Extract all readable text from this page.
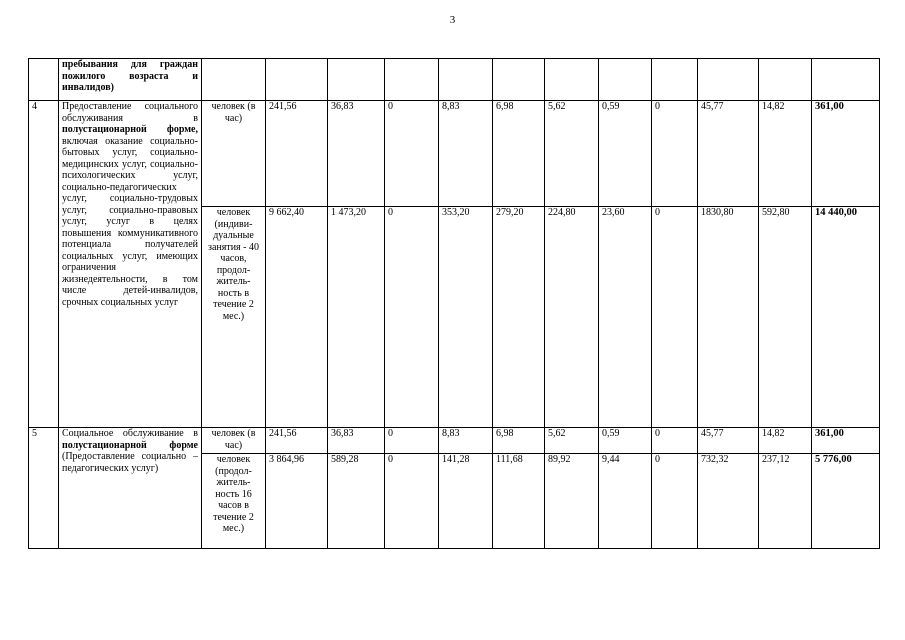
3
	пребывания для граждан пожилого возраста и инвалидов)												
4	Предоставление социального обслуживания в полустационарной форме, включая оказание социально-бытовых услуг, социально-медицинских услуг, социально-психологических услуг, социально-педагогических услуг, социально-трудовых услуг, социально-правовых услуг, услуг в целях повышения коммуникативного потенциала получателей социальных услуг, имеющих ограничения жизнедеятельности, в том числе детей-инвалидов, срочных социальных услуг	человек (в час)	241,56	36,83	0	8,83	6,98	5,62	0,59	0	45,77	14,82	361,00
		человек (индиви-дуальные занятия - 40 часов, продол-житель-ность в течение 2 мес.)	9 662,40	1 473,20	0	353,20	279,20	224,80	23,60	0	1830,80	592,80	14 440,00
5	Социальное обслуживание в полустационарной форме (Предоставление социально – педагогических услуг)	человек (в час)	241,56	36,83	0	8,83	6,98	5,62	0,59	0	45,77	14,82	361,00
		человек (продол-житель-ность 16 часов в течение 2 мес.)	3 864,96	589,28	0	141,28	111,68	89,92	9,44	0	732,32	237,12	5 776,00
